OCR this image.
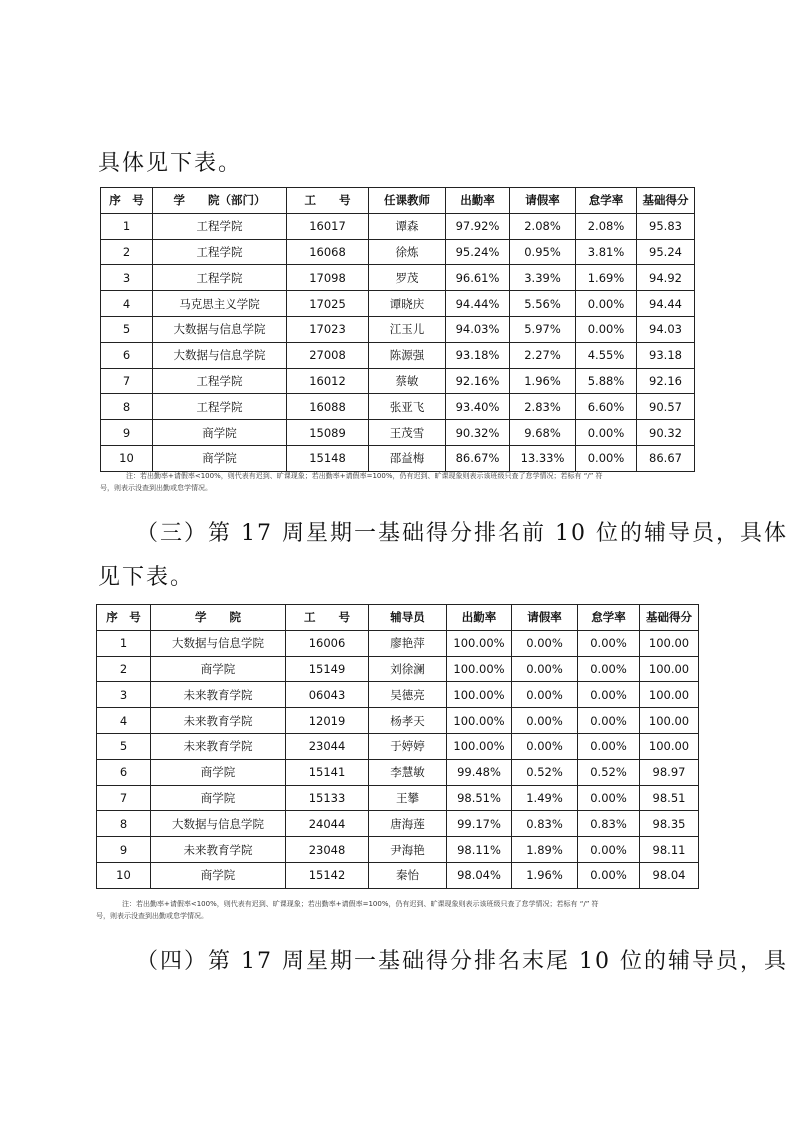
具体见下表。
序　号	学　　院（部门）	工　　号	任课教师	出勤率	请假率	怠学率	基础得分
1	工程学院	16017	谭森	97.92%	2.08%	2.08%	95.83
2	工程学院	16068	徐炼	95.24%	0.95%	3.81%	95.24
3	工程学院	17098	罗茂	96.61%	3.39%	1.69%	94.92
4	马克思主义学院	17025	谭晓庆	94.44%	5.56%	0.00%	94.44
5	大数据与信息学院	17023	江玉儿	94.03%	5.97%	0.00%	94.03
6	大数据与信息学院	27008	陈源强	93.18%	2.27%	4.55%	93.18
7	工程学院	16012	蔡敏	92.16%	1.96%	5.88%	92.16
8	工程学院	16088	张亚飞	93.40%	2.83%	6.60%	90.57
9	商学院	15089	王茂雪	90.32%	9.68%	0.00%	90.32
10	商学院	15148	邵益梅	86.67%	13.33%	0.00%	86.67
注：若出勤率+请假率<100%，则代表有迟到、旷课现象；若出勤率+请假率=100%，仍有迟到、旷课现象则表示该班级只查了怠学情况；若标有 “/” 符
号，则表示没查到出勤或怠学情况。
（三）第 17 周星期一基础得分排名前 10 位的辅导员，具体
见下表。
序　号	学　　院	工　　号	辅导员	出勤率	请假率	怠学率	基础得分
1	大数据与信息学院	16006	廖艳萍	100.00%	0.00%	0.00%	100.00
2	商学院	15149	刘徐澜	100.00%	0.00%	0.00%	100.00
3	未来教育学院	06043	吴德亮	100.00%	0.00%	0.00%	100.00
4	未来教育学院	12019	杨孝天	100.00%	0.00%	0.00%	100.00
5	未来教育学院	23044	于婷婷	100.00%	0.00%	0.00%	100.00
6	商学院	15141	李慧敏	99.48%	0.52%	0.52%	98.97
7	商学院	15133	王攀	98.51%	1.49%	0.00%	98.51
8	大数据与信息学院	24044	唐海莲	99.17%	0.83%	0.83%	98.35
9	未来教育学院	23048	尹海艳	98.11%	1.89%	0.00%	98.11
10	商学院	15142	秦怡	98.04%	1.96%	0.00%	98.04
注：若出勤率+请假率<100%，则代表有迟到、旷课现象；若出勤率+请假率=100%，仍有迟到、旷课现象则表示该班级只查了怠学情况；若标有 “/” 符
号，则表示没查到出勤或怠学情况。
（四）第 17 周星期一基础得分排名末尾 10 位的辅导员，具
